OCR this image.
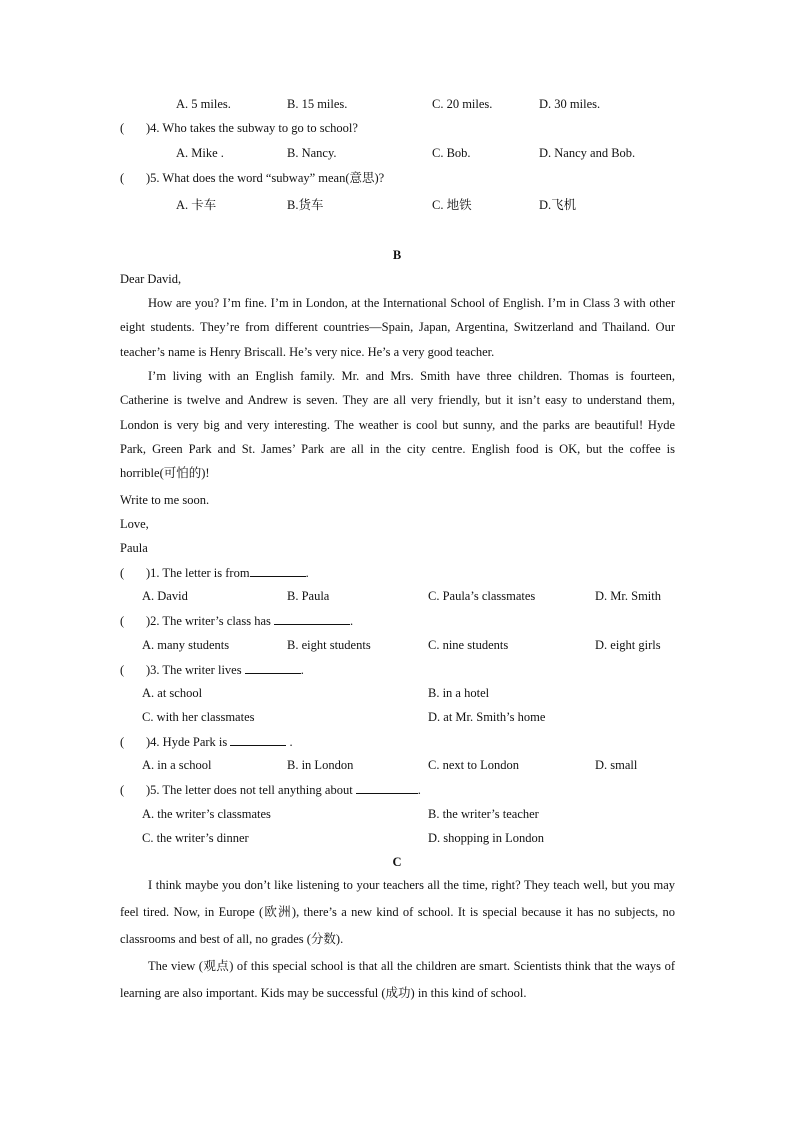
A. 5 miles.	B. 15 miles.	C. 20 miles.	D. 30 miles.
( )4. Who takes the subway to go to school?
A. Mike .	B. Nancy.	C. Bob.	D. Nancy and Bob.
( )5. What does the word “subway” mean(意思)?
A. 卡车	B.货车	C. 地铁	D.飞机
B
Dear David,
How are you? I’m fine. I’m in London, at the International School of English. I’m in Class 3 with other eight students. They’re from different countries—Spain, Japan, Argentina, Switzerland and Thailand. Our teacher’s name is Henry Briscall. He’s very nice. He’s a very good teacher.
I’m living with an English family. Mr. and Mrs. Smith have three children. Thomas is fourteen, Catherine is twelve and Andrew is seven. They are all very friendly, but it isn’t easy to understand them, London is very big and very interesting. The weather is cool but sunny, and the parks are beautiful! Hyde Park, Green Park and St. James’ Park are all in the city centre. English food is OK, but the coffee is horrible(可怕的)!
Write to me soon.
Love,
Paula
( )1. The letter is from	.
A. David	B. Paula	C. Paula’s classmates	D. Mr. Smith
( )2. The writer’s class has	.
A. many students	B. eight students	C. nine students	D. eight girls
( )3. The writer lives	.
A. at school	B. in a hotel
C. with her classmates	D. at Mr. Smith’s home
( )4. Hyde Park is	.
A. in a school	B. in London	C. next to London	D. small
( )5. The letter does not tell anything about	.
A. the writer’s classmates	B. the writer’s teacher
C. the writer’s dinner	D. shopping in London
C
I think maybe you don’t like listening to your teachers all the time, right? They teach well, but you may feel tired. Now, in Europe (欧洲), there’s a new kind of school. It is special because it has no subjects, no classrooms and best of all, no grades (分数).
The view (观点) of this special school is that all the children are smart. Scientists think that the ways of learning are also important. Kids may be successful (成功) in this kind of school.
